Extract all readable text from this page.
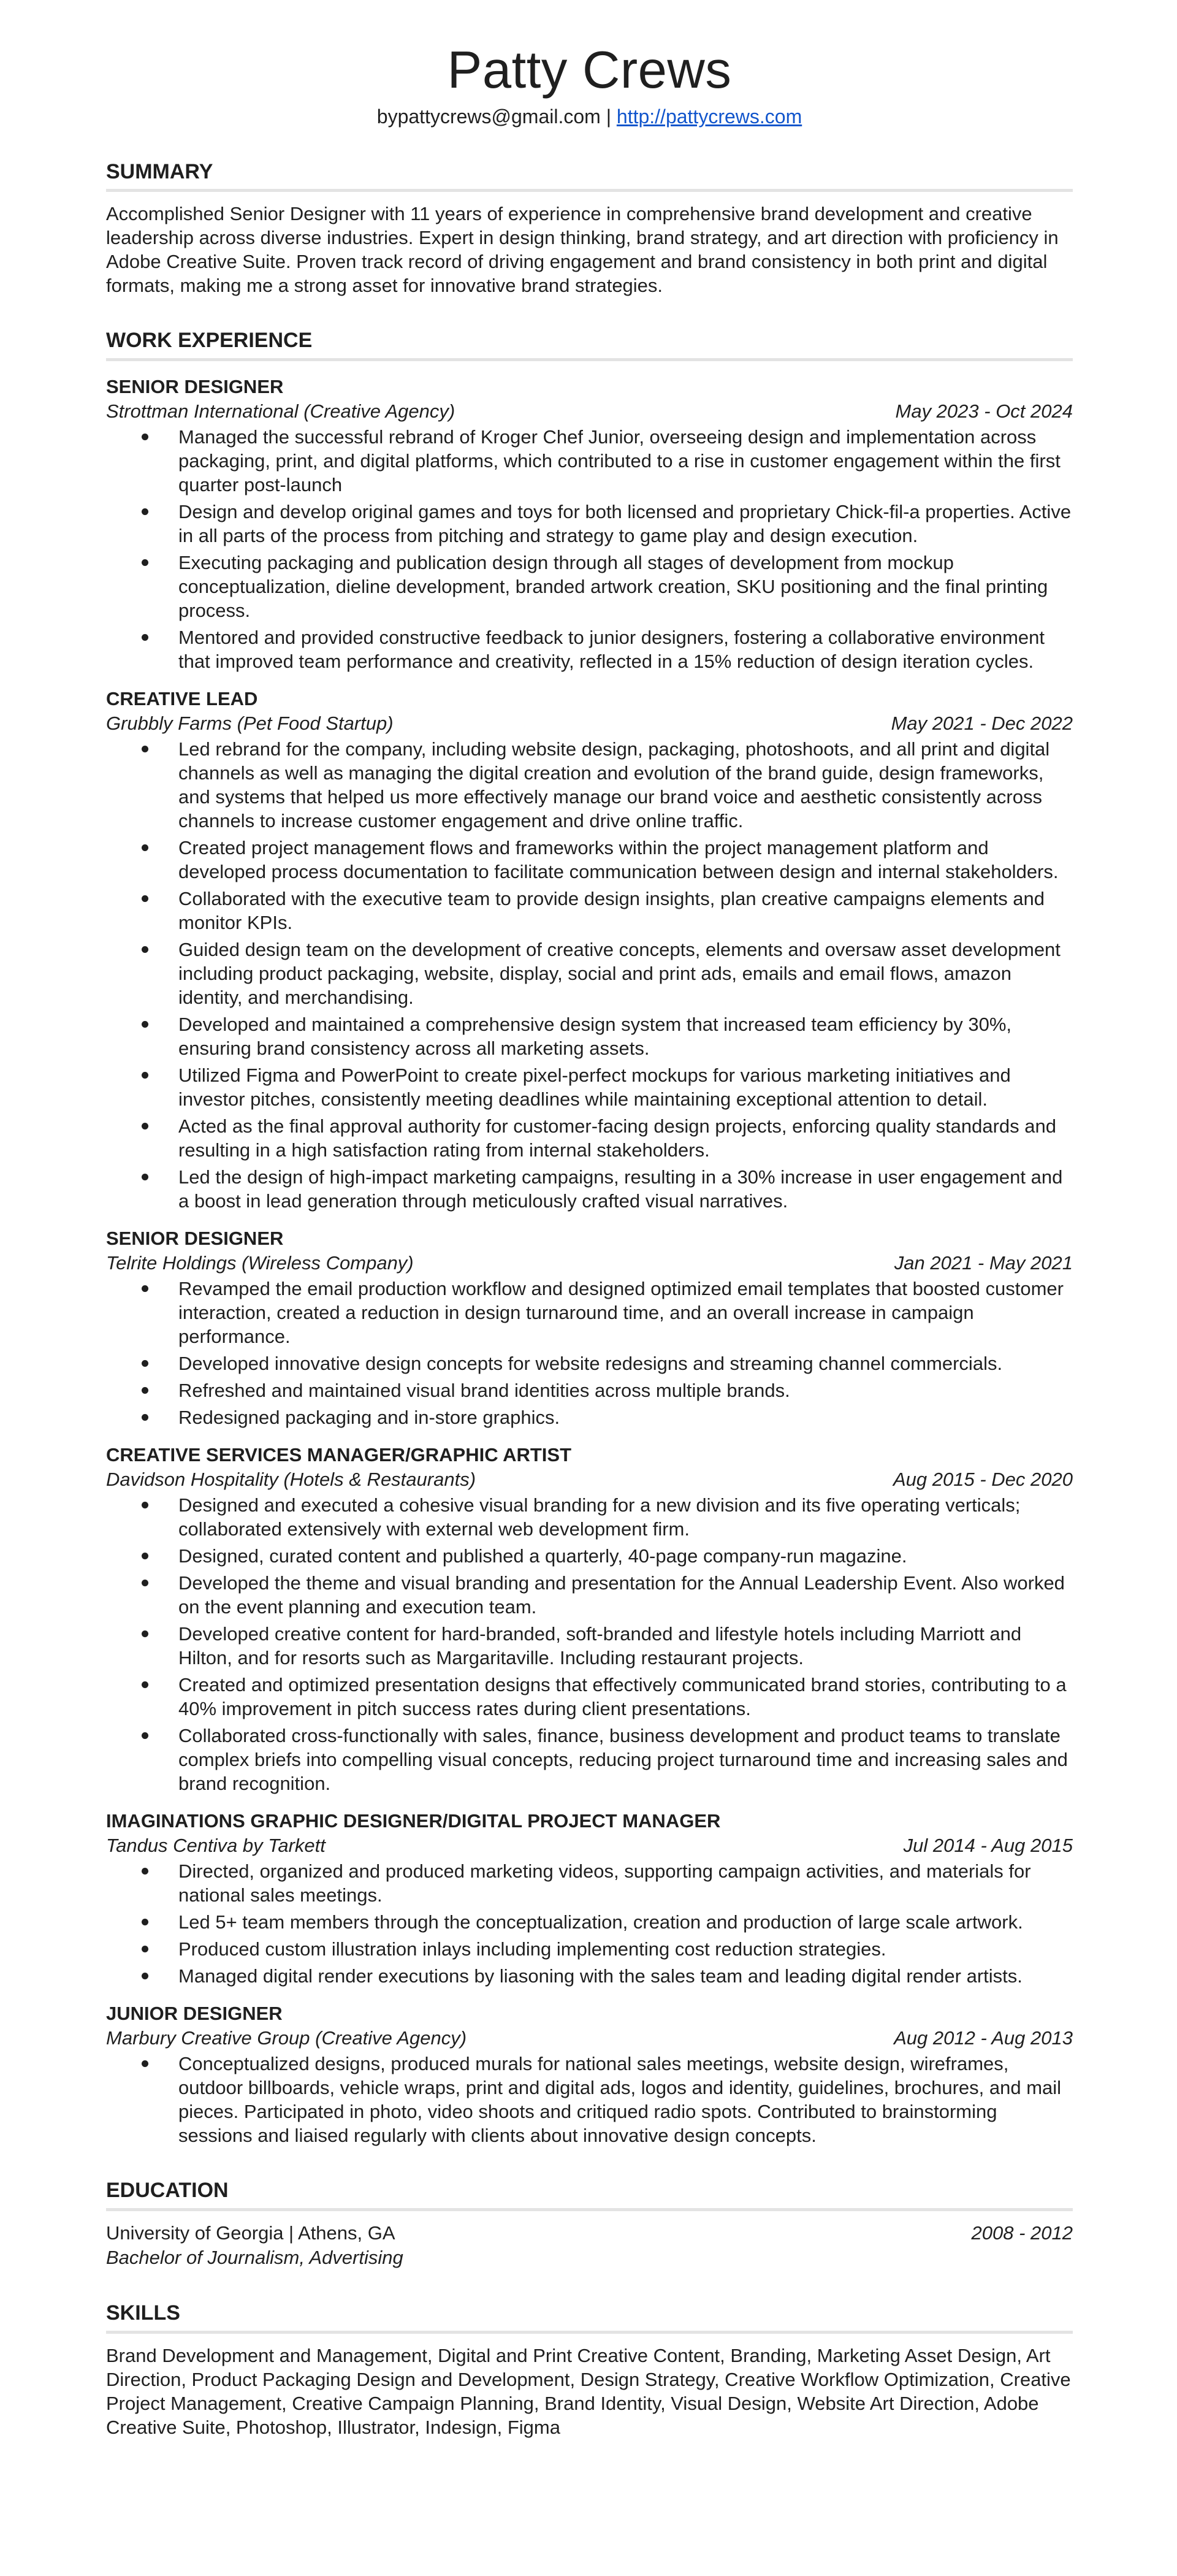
Patty Crews
bypattycrews@gmail.com | http://pattycrews.com
SUMMARY
Accomplished Senior Designer with 11 years of experience in comprehensive brand development and creative leadership across diverse industries. Expert in design thinking, brand strategy, and art direction with proficiency in Adobe Creative Suite. Proven track record of driving engagement and brand consistency in both print and digital formats, making me a strong asset for innovative brand strategies.
WORK EXPERIENCE
SENIOR DESIGNER
Strottman International (Creative Agency)	May 2023 - Oct 2024
Managed the successful rebrand of Kroger Chef Junior, overseeing design and implementation across packaging, print, and digital platforms, which contributed to a rise in customer engagement within the first quarter post-launch
Design and develop original games and toys for both licensed and proprietary Chick-fil-a properties. Active in all parts of the process from pitching and strategy to game play and design execution.
Executing packaging and publication design through all stages of development from mockup conceptualization, dieline development, branded artwork creation, SKU positioning and the final printing process.
Mentored and provided constructive feedback to junior designers, fostering a collaborative environment that improved team performance and creativity, reflected in a 15% reduction of design iteration cycles.
CREATIVE LEAD
Grubbly Farms (Pet Food Startup)	May 2021 - Dec 2022
Led rebrand for the company, including website design, packaging, photoshoots, and all print and digital channels as well as managing the digital creation and evolution of the brand guide, design frameworks, and systems that helped us more effectively manage our brand voice and aesthetic consistently across channels to increase customer engagement and drive online traffic.
Created project management flows and frameworks within the project management platform and developed process documentation to facilitate communication between design and internal stakeholders.
Collaborated with the executive team to provide design insights, plan creative campaigns elements and monitor KPIs.
Guided design team on the development of creative concepts, elements and oversaw asset development including product packaging, website, display, social and print ads, emails and email flows, amazon identity, and merchandising.
Developed and maintained a comprehensive design system that increased team efficiency by 30%, ensuring brand consistency across all marketing assets.
Utilized Figma and PowerPoint to create pixel-perfect mockups for various marketing initiatives and investor pitches, consistently meeting deadlines while maintaining exceptional attention to detail.
Acted as the final approval authority for customer-facing design projects, enforcing quality standards and resulting in a high satisfaction rating from internal stakeholders.
Led the design of high-impact marketing campaigns, resulting in a 30% increase in user engagement and a boost in lead generation through meticulously crafted visual narratives.
SENIOR DESIGNER
Telrite Holdings (Wireless Company)	Jan 2021 - May 2021
Revamped the email production workflow and designed optimized email templates that boosted customer interaction, created a reduction in design turnaround time, and an overall increase in campaign performance.
Developed innovative design concepts for website redesigns and streaming channel commercials.
Refreshed and maintained visual brand identities across multiple brands.
Redesigned packaging and in-store graphics.
CREATIVE SERVICES MANAGER/GRAPHIC ARTIST
Davidson Hospitality (Hotels & Restaurants)	Aug 2015 - Dec 2020
Designed and executed a cohesive visual branding for a new division and its five operating verticals; collaborated extensively with external web development firm.
Designed, curated content and published a quarterly, 40-page company-run magazine.
Developed the theme and visual branding and presentation for the Annual Leadership Event. Also worked on the event planning and execution team.
Developed creative content for hard-branded, soft-branded and lifestyle hotels including Marriott and Hilton, and for resorts such as Margaritaville. Including restaurant projects.
Created and optimized presentation designs that effectively communicated brand stories, contributing to a 40% improvement in pitch success rates during client presentations.
Collaborated cross-functionally with sales, finance, business development and product teams to translate complex briefs into compelling visual concepts, reducing project turnaround time and increasing sales and brand recognition.
IMAGINATIONS GRAPHIC DESIGNER/DIGITAL PROJECT MANAGER
Tandus Centiva by Tarkett	Jul 2014 - Aug 2015
Directed, organized and produced marketing videos, supporting campaign activities, and materials for national sales meetings.
Led 5+ team members through the conceptualization, creation and production of large scale artwork.
Produced custom illustration inlays including implementing cost reduction strategies.
Managed digital render executions by liasoning with the sales team and leading digital render artists.
JUNIOR DESIGNER
Marbury Creative Group (Creative Agency)	Aug 2012 - Aug 2013
Conceptualized designs, produced murals for national sales meetings, website design, wireframes, outdoor billboards, vehicle wraps, print and digital ads, logos and identity, guidelines, brochures, and mail pieces. Participated in photo, video shoots and critiqued radio spots. Contributed to brainstorming sessions and liaised regularly with clients about innovative design concepts.
EDUCATION
University of Georgia | Athens, GA	2008 - 2012
Bachelor of Journalism, Advertising
SKILLS
Brand Development and Management, Digital and Print Creative Content, Branding, Marketing Asset Design, Art Direction, Product Packaging Design and Development, Design Strategy, Creative Workflow Optimization, Creative Project Management, Creative Campaign Planning, Brand Identity, Visual Design, Website Art Direction, Adobe Creative Suite, Photoshop, Illustrator, Indesign, Figma
